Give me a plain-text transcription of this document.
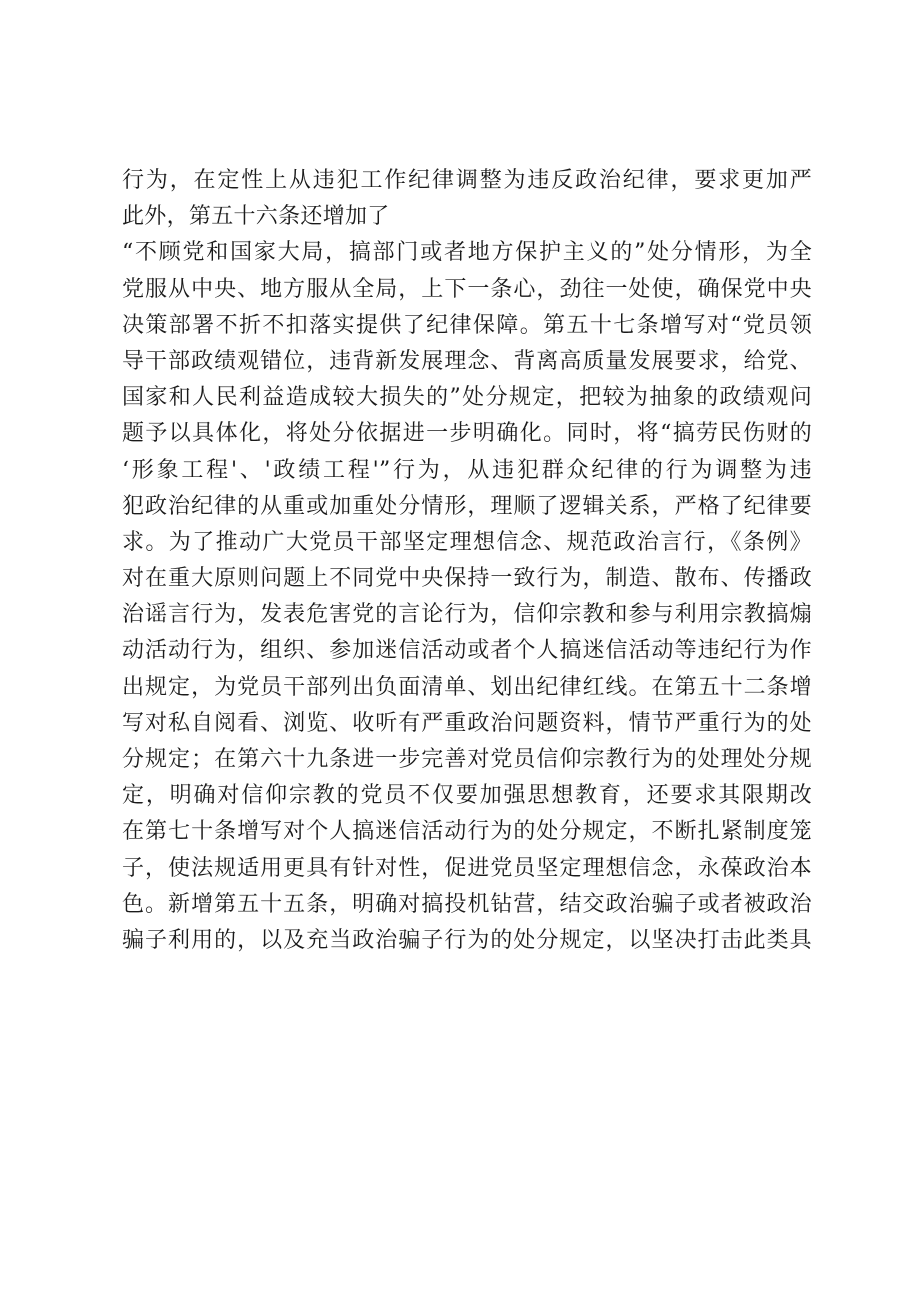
行为，在定性上从违犯工作纪律调整为违反政治纪律，要求更加严
此外，第五十六条还增加了
“不顾党和国家大局，搞部门或者地方保护主义的”处分情形，为全
党服从中央、地方服从全局，上下一条心，劲往一处使，确保党中央
决策部署不折不扣落实提供了纪律保障。第五十七条增写对“党员领
导干部政绩观错位，违背新发展理念、背离高质量发展要求，给党、
国家和人民利益造成较大损失的”处分规定，把较为抽象的政绩观问
题予以具体化，将处分依据进一步明确化。同时，将“搞劳民伤财的
‘形象工程'、'政绩工程'”行为，从违犯群众纪律的行为调整为违
犯政治纪律的从重或加重处分情形，理顺了逻辑关系，严格了纪律要
求。为了推动广大党员干部坚定理想信念、规范政治言行，《条例》
对在重大原则问题上不同党中央保持一致行为，制造、散布、传播政
治谣言行为，发表危害党的言论行为，信仰宗教和参与利用宗教搞煽
动活动行为，组织、参加迷信活动或者个人搞迷信活动等违纪行为作
出规定，为党员干部列出负面清单、划出纪律红线。在第五十二条增
写对私自阅看、浏览、收听有严重政治问题资料，情节严重行为的处
分规定；在第六十九条进一步完善对党员信仰宗教行为的处理处分规
定，明确对信仰宗教的党员不仅要加强思想教育，还要求其限期改
在第七十条增写对个人搞迷信活动行为的处分规定，不断扎紧制度笼
子，使法规适用更具有针对性，促进党员坚定理想信念，永葆政治本
色。新增第五十五条，明确对搞投机钻营，结交政治骗子或者被政治
骗子利用的，以及充当政治骗子行为的处分规定，以坚决打击此类具
